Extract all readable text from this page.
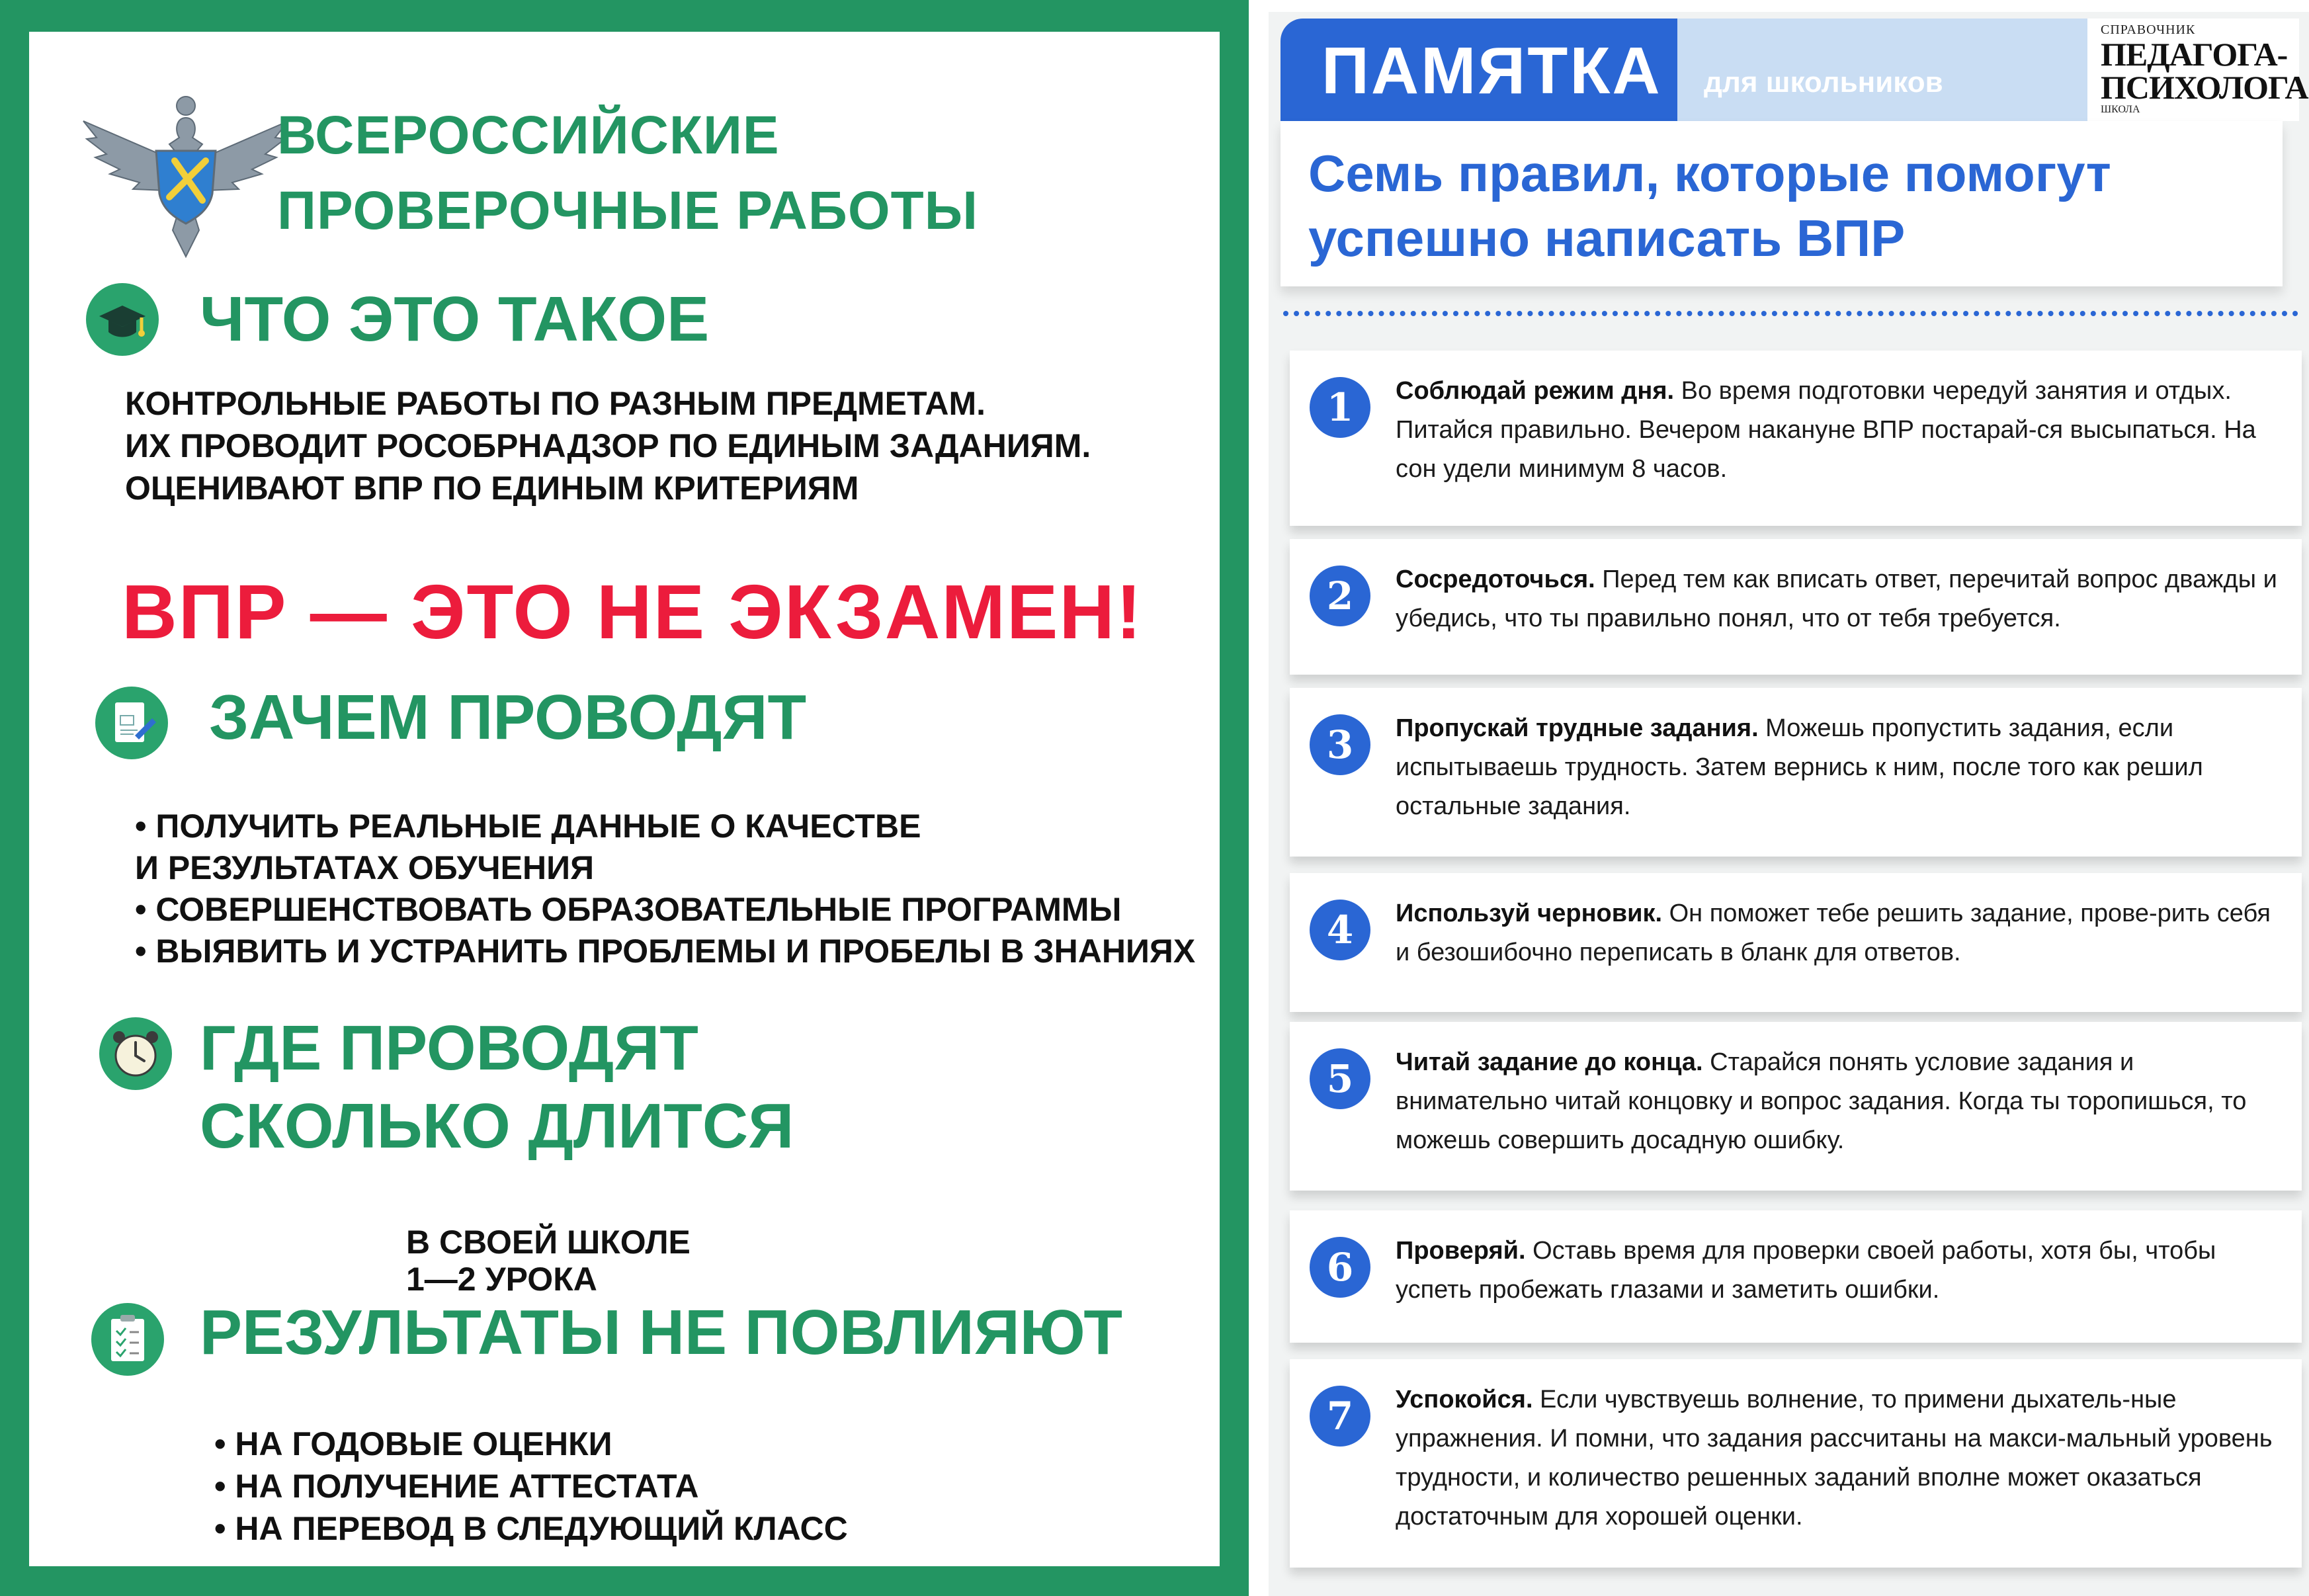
ВСЕРОССИЙСКИЕ
ПРОВЕРОЧНЫЕ РАБОТЫ
ЧТО ЭТО ТАКОЕ
КОНТРОЛЬНЫЕ РАБОТЫ ПО РАЗНЫМ ПРЕДМЕТАМ.
ИХ ПРОВОДИТ РОСОБРНАДЗОР ПО ЕДИНЫМ ЗАДАНИЯМ.
ОЦЕНИВАЮТ ВПР ПО ЕДИНЫМ КРИТЕРИЯМ
ВПР — ЭТО НЕ ЭКЗАМЕН!
ЗАЧЕМ ПРОВОДЯТ
• ПОЛУЧИТЬ РЕАЛЬНЫЕ ДАННЫЕ О КАЧЕСТВЕ
И РЕЗУЛЬТАТАХ ОБУЧЕНИЯ
• СОВЕРШЕНСТВОВАТЬ ОБРАЗОВАТЕЛЬНЫЕ ПРОГРАММЫ
• ВЫЯВИТЬ И УСТРАНИТЬ ПРОБЛЕМЫ И ПРОБЕЛЫ В ЗНАНИЯХ
ГДЕ ПРОВОДЯТ
СКОЛЬКО ДЛИТСЯ
В СВОЕЙ ШКОЛЕ
1—2 УРОКА
РЕЗУЛЬТАТЫ НЕ ПОВЛИЯЮТ
• НА ГОДОВЫЕ ОЦЕНКИ
• НА ПОЛУЧЕНИЕ АТТЕСТАТА
• НА ПЕРЕВОД В СЛЕДУЮЩИЙ КЛАСС
ПАМЯТКА для школьников
СПРАВОЧНИК
ПЕДАГОГА-
ПСИХОЛОГА
ШКОЛА
Семь правил, которые помогут
успешно написать ВПР
1	Соблюдай режим дня. Во время подготовки чередуй занятия и отдых. Питайся правильно. Вечером накануне ВПР постарай-ся высыпаться. На сон удели минимум 8 часов.
2	Сосредоточься. Перед тем как вписать ответ, перечитай вопрос дважды и убедись, что ты правильно понял, что от тебя требуется.
3	Пропускай трудные задания. Можешь пропустить задания, если испытываешь трудность. Затем вернись к ним, после того как решил остальные задания.
4	Используй черновик. Он поможет тебе решить задание, прове-рить себя и безошибочно переписать в бланк для ответов.
5	Читай задание до конца. Старайся понять условие задания и внимательно читай концовку и вопрос задания. Когда ты торопишься, то можешь совершить досадную ошибку.
6	Проверяй. Оставь время для проверки своей работы, хотя бы, чтобы успеть пробежать глазами и заметить ошибки.
7	Успокойся. Если чувствуешь волнение, то примени дыхатель-ные упражнения. И помни, что задания рассчитаны на макси-мальный уровень трудности, и количество решенных заданий вполне может оказаться достаточным для хорошей оценки.
